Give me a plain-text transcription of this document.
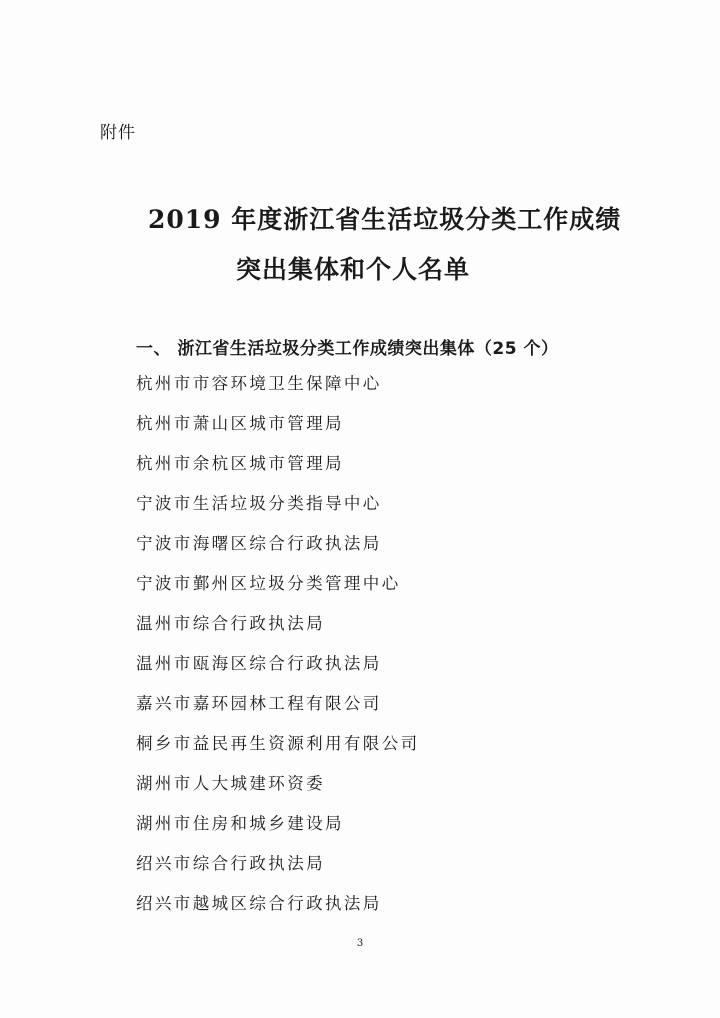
附件
2019 年度浙江省生活垃圾分类工作成绩
突出集体和个人名单
一、 浙江省生活垃圾分类工作成绩突出集体（25 个）
杭州市市容环境卫生保障中心
杭州市萧山区城市管理局
杭州市余杭区城市管理局
宁波市生活垃圾分类指导中心
宁波市海曙区综合行政执法局
宁波市鄞州区垃圾分类管理中心
温州市综合行政执法局
温州市瓯海区综合行政执法局
嘉兴市嘉环园林工程有限公司
桐乡市益民再生资源利用有限公司
湖州市人大城建环资委
湖州市住房和城乡建设局
绍兴市综合行政执法局
绍兴市越城区综合行政执法局
3
